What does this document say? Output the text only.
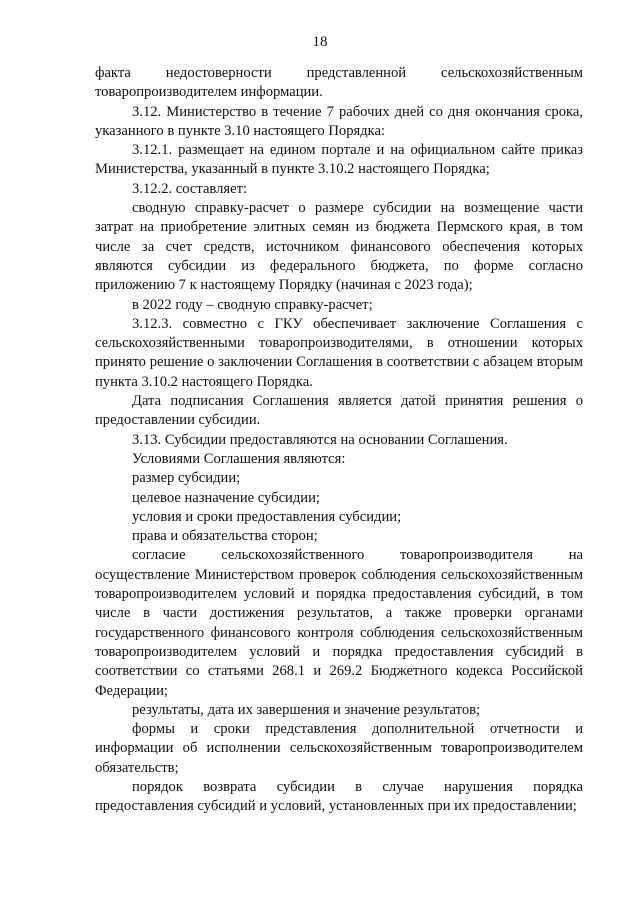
18

факта недостоверности представленной сельскохозяйственным товаропроизводителем информации.

3.12. Министерство в течение 7 рабочих дней со дня окончания срока, указанного в пункте 3.10 настоящего Порядка:

3.12.1. размещает на едином портале и на официальном сайте приказ Министерства, указанный в пункте 3.10.2 настоящего Порядка;

3.12.2. составляет:

сводную справку-расчет о размере субсидии на возмещение части затрат на приобретение элитных семян из бюджета Пермского края, в том числе за счет средств, источником финансового обеспечения которых являются субсидии из федерального бюджета, по форме согласно приложению 7 к настоящему Порядку (начиная с 2023 года);

в 2022 году – сводную справку-расчет;

3.12.3. совместно с ГКУ обеспечивает заключение Соглашения с сельскохозяйственными товаропроизводителями, в отношении которых принято решение о заключении Соглашения в соответствии с абзацем вторым пункта 3.10.2 настоящего Порядка.

Дата подписания Соглашения является датой принятия решения о предоставлении субсидии.

3.13. Субсидии предоставляются на основании Соглашения.

Условиями Соглашения являются:

размер субсидии;

целевое назначение субсидии;

условия и сроки предоставления субсидии;

права и обязательства сторон;

согласие сельскохозяйственного товаропроизводителя на осуществление Министерством проверок соблюдения сельскохозяйственным товаропроизводителем условий и порядка предоставления субсидий, в том числе в части достижения результатов, а также проверки органами государственного финансового контроля соблюдения сельскохозяйственным товаропроизводителем условий и порядка предоставления субсидий в соответствии со статьями 268.1 и 269.2 Бюджетного кодекса Российской Федерации;

результаты, дата их завершения и значение результатов;

формы и сроки представления дополнительной отчетности и информации об исполнении сельскохозяйственным товаропроизводителем обязательств;

порядок возврата субсидии в случае нарушения порядка предоставления субсидий и условий, установленных при их предоставлении;
